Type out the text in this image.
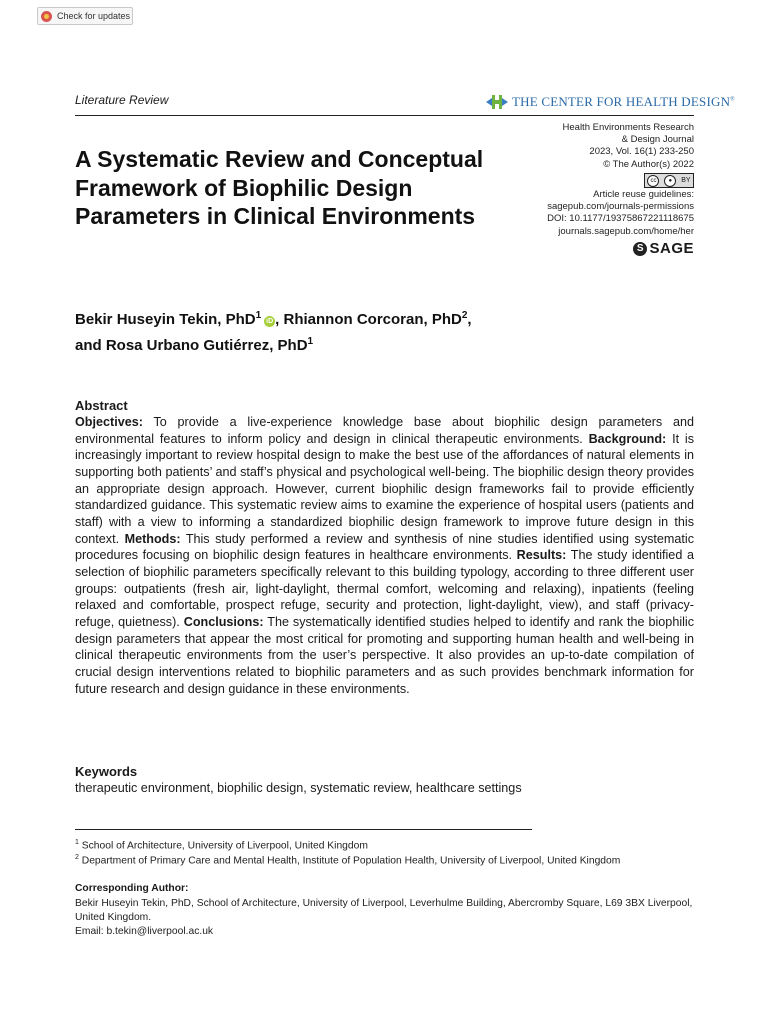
Check for updates
Literature Review	THE CENTER FOR HEALTH DESIGN®
Health Environments Research
& Design Journal
2023, Vol. 16(1) 233-250
© The Author(s) 2022
cc	●	BY
Article reuse guidelines:
sagepub.com/journals-permissions
DOI: 10.1177/19375867221118675
journals.sagepub.com/home/her
S SAGE
A Systematic Review and Conceptual Framework of Biophilic Design Parameters in Clinical Environments
Bekir Huseyin Tekin, PhD$^1$iD , Rhiannon Corcoran, PhD$^2$,
and Rosa Urbano Gutiérrez, PhD$^1$
Abstract

Objectives: To provide a live-experience knowledge base about biophilic design parameters and environmental features to inform policy and design in clinical therapeutic environments. Background: It is increasingly important to review hospital design to make the best use of the affordances of natural elements in supporting both patients’ and staff’s physical and psychological well-being. The biophilic design theory provides an appropriate design approach. However, current biophilic design frameworks fail to provide efficiently standardized guidance. This systematic review aims to examine the experience of hospital users (patients and staff) with a view to informing a standardized biophilic design framework to improve future design in this context. Methods: This study performed a review and synthesis of nine studies identified using systematic procedures focusing on biophilic design features in healthcare environments. Results: The study identified a selection of biophilic parameters specifically relevant to this building typology, according to three different user groups: outpatients (fresh air, light-daylight, thermal comfort, welcoming and relaxing), inpatients (feeling relaxed and comfortable, prospect refuge, security and protection, light-daylight, view), and staff (privacy-refuge, quietness). Conclusions: The systematically identified studies helped to identify and rank the biophilic design parameters that appear the most critical for promoting and supporting human health and well-being in clinical therapeutic environments from the user’s perspective. It also provides an up-to-date compilation of crucial design interventions related to biophilic parameters and as such provides benchmark information for future research and design guidance in these environments.

Keywords
therapeutic environment, biophilic design, systematic review, healthcare settings
$^1$ School of Architecture, University of Liverpool, United Kingdom
$^2$ Department of Primary Care and Mental Health, Institute of Population Health, University of Liverpool, United Kingdom
Corresponding Author:
Bekir Huseyin Tekin, PhD, School of Architecture, University of Liverpool, Leverhulme Building, Abercromby Square, L69 3BX Liverpool, United Kingdom.
Email: b.tekin@liverpool.ac.uk
